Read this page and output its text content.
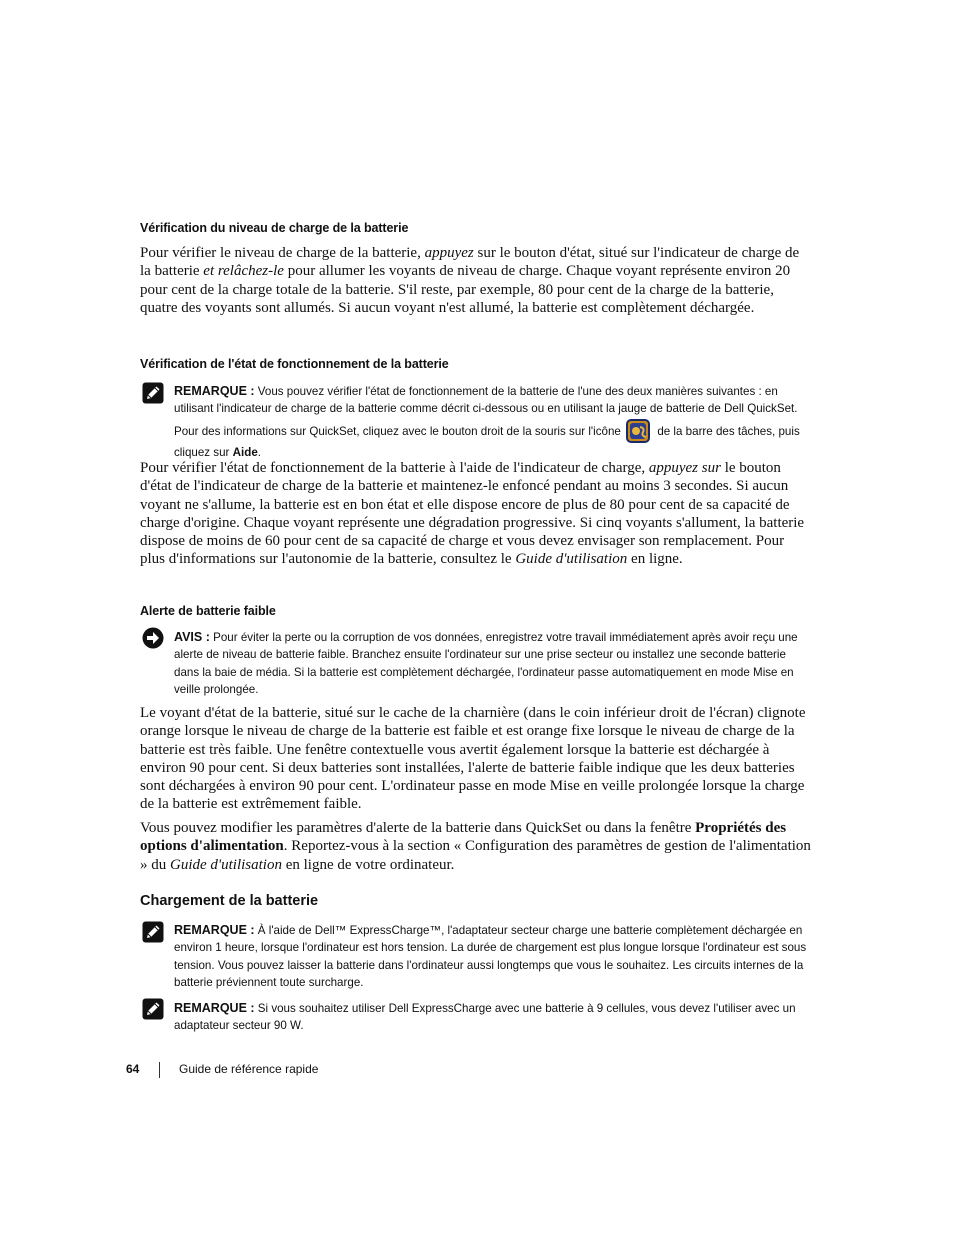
Vérification du niveau de charge de la batterie

Pour vérifier le niveau de charge de la batterie, appuyez sur le bouton d'état, situé sur l'indicateur de charge de la batterie et relâchez-le pour allumer les voyants de niveau de charge. Chaque voyant représente environ 20 pour cent de la charge totale de la batterie. S'il reste, par exemple, 80 pour cent de la charge de la batterie, quatre des voyants sont allumés. Si aucun voyant n'est allumé, la batterie est complètement déchargée.

Vérification de l'état de fonctionnement de la batterie

REMARQUE : Vous pouvez vérifier l'état de fonctionnement de la batterie de l'une des deux manières suivantes : en utilisant l'indicateur de charge de la batterie comme décrit ci-dessous ou en utilisant la jauge de batterie de Dell QuickSet. Pour des informations sur QuickSet, cliquez avec le bouton droit de la souris sur l'icône	de la barre des tâches, puis cliquez sur Aide.

Pour vérifier l'état de fonctionnement de la batterie à l'aide de l'indicateur de charge, appuyez sur le bouton d'état de l'indicateur de charge de la batterie et maintenez-le enfoncé pendant au moins 3 secondes. Si aucun voyant ne s'allume, la batterie est en bon état et elle dispose encore de plus de 80 pour cent de sa capacité de charge d'origine. Chaque voyant représente une dégradation progressive. Si cinq voyants s'allument, la batterie dispose de moins de 60 pour cent de sa capacité de charge et vous devez envisager son remplacement. Pour plus d'informations sur l'autonomie de la batterie, consultez le Guide d'utilisation en ligne.

Alerte de batterie faible

AVIS : Pour éviter la perte ou la corruption de vos données, enregistrez votre travail immédiatement après avoir reçu une alerte de niveau de batterie faible. Branchez ensuite l'ordinateur sur une prise secteur ou installez une seconde batterie dans la baie de média. Si la batterie est complètement déchargée, l'ordinateur passe automatiquement en mode Mise en veille prolongée.

Le voyant d'état de la batterie, situé sur le cache de la charnière (dans le coin inférieur droit de l'écran) clignote orange lorsque le niveau de charge de la batterie est faible et est orange fixe lorsque le niveau de charge de la batterie est très faible. Une fenêtre contextuelle vous avertit également lorsque la batterie est déchargée à environ 90 pour cent. Si deux batteries sont installées, l'alerte de batterie faible indique que les deux batteries sont déchargées à environ 90 pour cent. L'ordinateur passe en mode Mise en veille prolongée lorsque la charge de la batterie est extrêmement faible.

Vous pouvez modifier les paramètres d'alerte de la batterie dans QuickSet ou dans la fenêtre Propriétés des options d'alimentation. Reportez-vous à la section « Configuration des paramètres de gestion de l'alimentation » du Guide d'utilisation en ligne de votre ordinateur.

Chargement de la batterie

REMARQUE : À l'aide de Dell™ ExpressCharge™, l'adaptateur secteur charge une batterie complètement déchargée en environ 1 heure, lorsque l'ordinateur est hors tension. La durée de chargement est plus longue lorsque l'ordinateur est sous tension. Vous pouvez laisser la batterie dans l'ordinateur aussi longtemps que vous le souhaitez. Les circuits internes de la batterie préviennent toute surcharge.

REMARQUE : Si vous souhaitez utiliser Dell ExpressCharge avec une batterie à 9 cellules, vous devez l'utiliser avec un adaptateur secteur 90 W.

64	Guide de référence rapide
